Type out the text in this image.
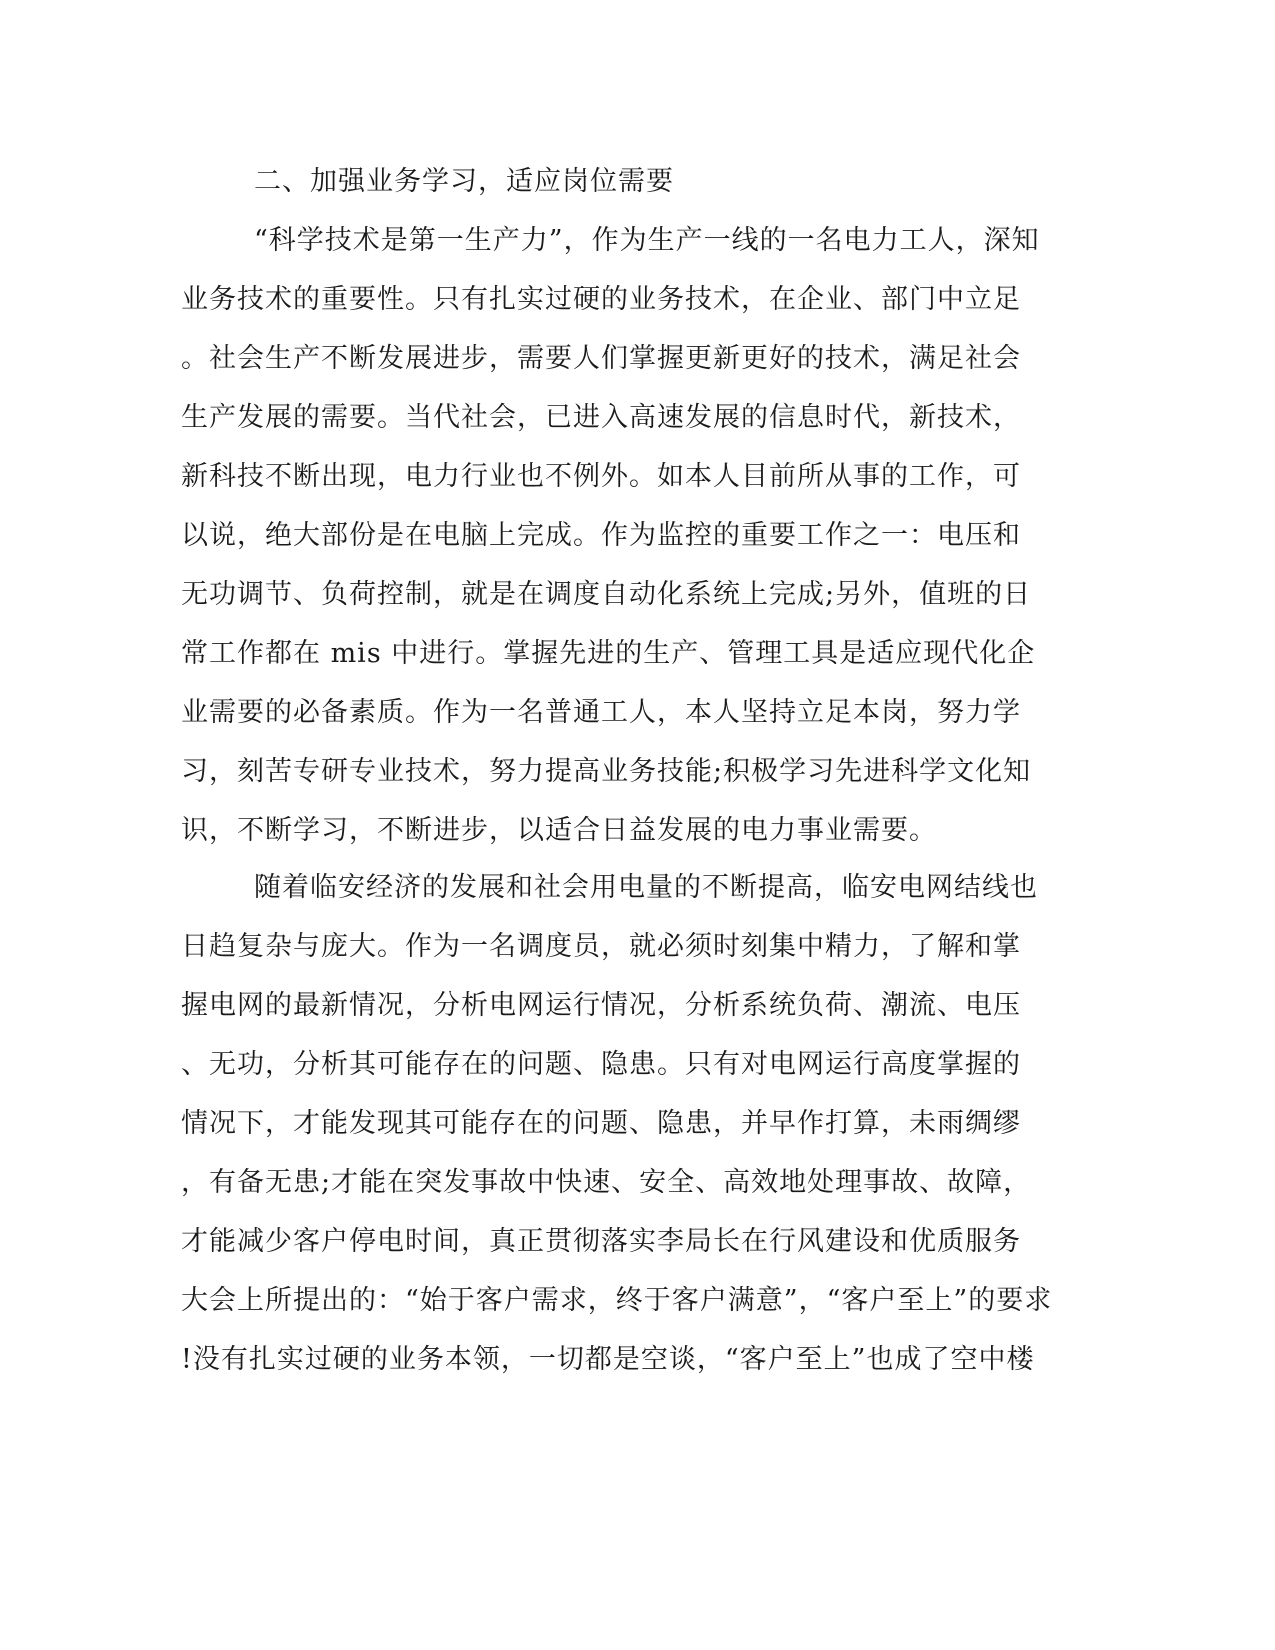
二、加强业务学习，适应岗位需要
“科学技术是第一生产力”，作为生产一线的一名电力工人，深知
业务技术的重要性。只有扎实过硬的业务技术，在企业、部门中立足
。社会生产不断发展进步，需要人们掌握更新更好的技术，满足社会
生产发展的需要。当代社会，已进入高速发展的信息时代，新技术，
新科技不断出现，电力行业也不例外。如本人目前所从事的工作，可
以说，绝大部份是在电脑上完成。作为监控的重要工作之一：电压和
无功调节、负荷控制，就是在调度自动化系统上完成;另外，值班的日
常工作都在 mis 中进行。掌握先进的生产、管理工具是适应现代化企
业需要的必备素质。作为一名普通工人，本人坚持立足本岗，努力学
习，刻苦专研专业技术，努力提高业务技能;积极学习先进科学文化知
识，不断学习，不断进步，以适合日益发展的电力事业需要。
随着临安经济的发展和社会用电量的不断提高，临安电网结线也
日趋复杂与庞大。作为一名调度员，就必须时刻集中精力，了解和掌
握电网的最新情况，分析电网运行情况，分析系统负荷、潮流、电压
、无功，分析其可能存在的问题、隐患。只有对电网运行高度掌握的
情况下，才能发现其可能存在的问题、隐患，并早作打算，未雨绸缪
，有备无患;才能在突发事故中快速、安全、高效地处理事故、故障，
才能减少客户停电时间，真正贯彻落实李局长在行风建设和优质服务
大会上所提出的：“始于客户需求，终于客户满意”，“客户至上”的要求
!没有扎实过硬的业务本领，一切都是空谈，“客户至上”也成了空中楼
